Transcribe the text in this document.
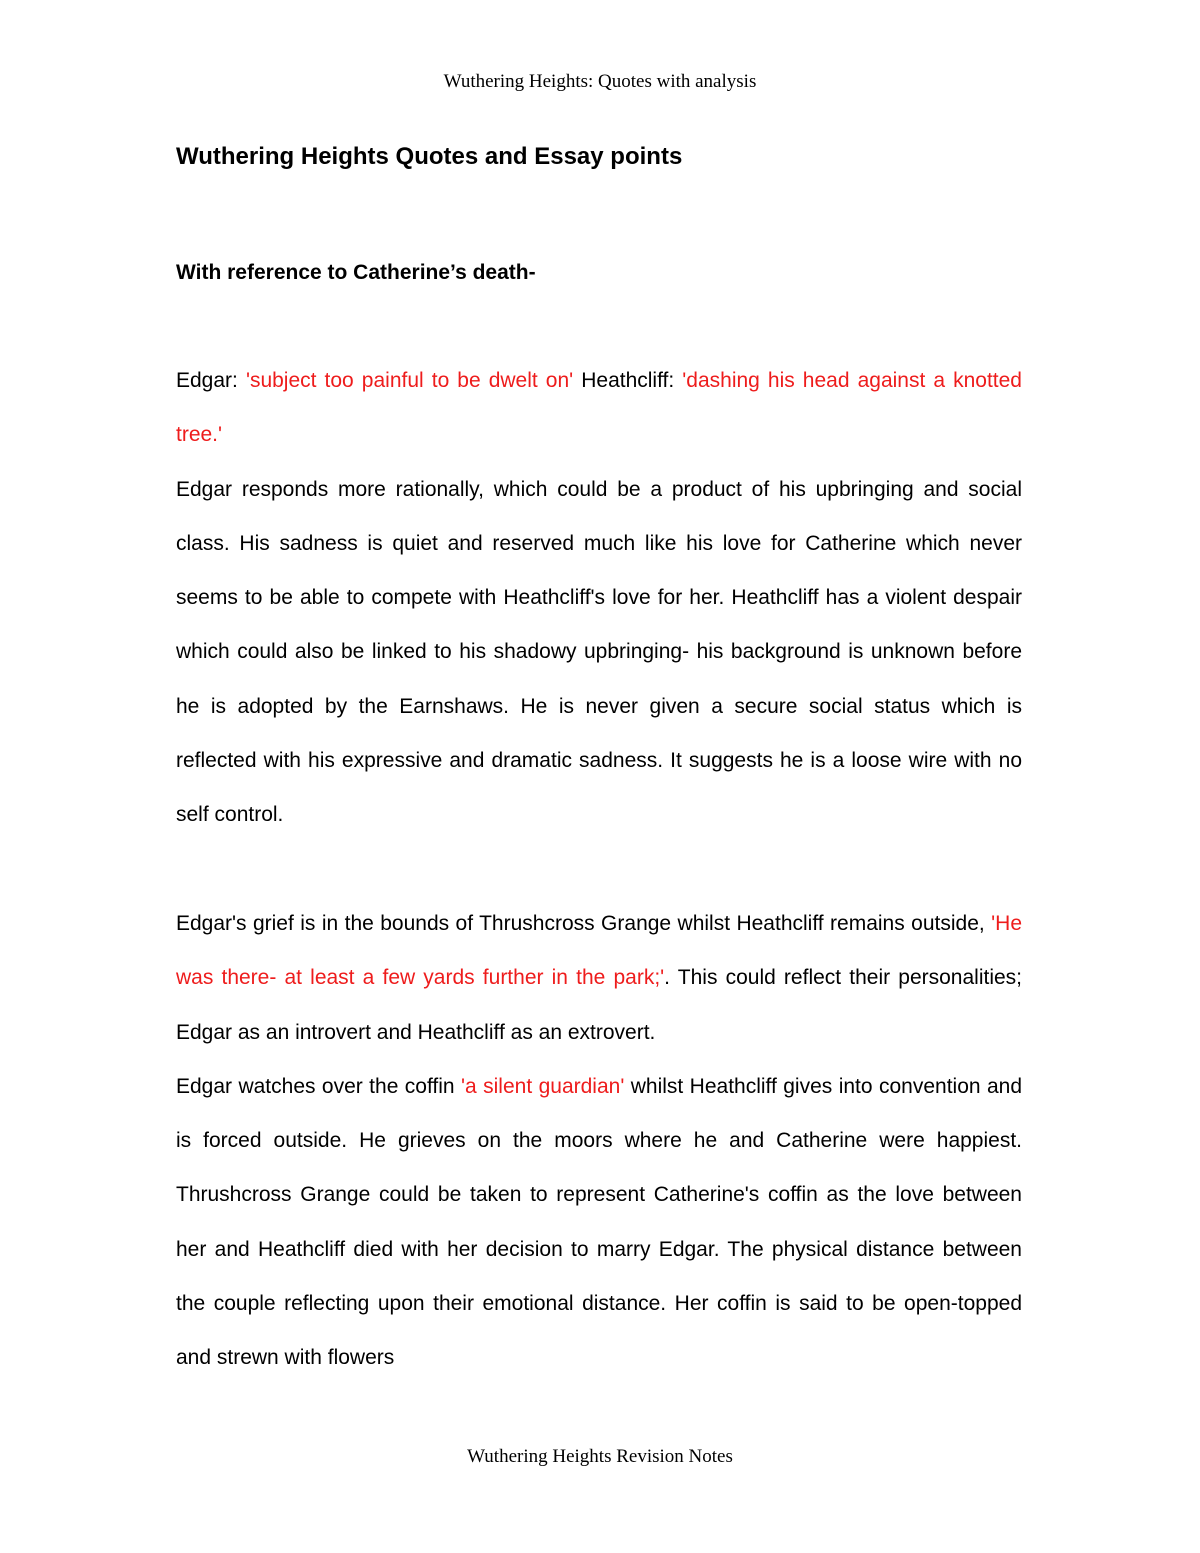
Wuthering Heights: Quotes with analysis
Wuthering Heights Quotes and Essay points
With reference to Catherine’s death-

Edgar: 'subject too painful to be dwelt on' Heathcliff: 'dashing his head against a knotted tree.'

Edgar responds more rationally, which could be a product of his upbringing and social class. His sadness is quiet and reserved much like his love for Catherine which never seems to be able to compete with Heathcliff's love for her. Heathcliff has a violent despair which could also be linked to his shadowy upbringing- his background is unknown before he is adopted by the Earnshaws. He is never given a secure social status which is reflected with his expressive and dramatic sadness. It suggests he is a loose wire with no self control.

Edgar's grief is in the bounds of Thrushcross Grange whilst Heathcliff remains outside, 'He was there- at least a few yards further in the park;'. This could reflect their personalities; Edgar as an introvert and Heathcliff as an extrovert.

Edgar watches over the coffin 'a silent guardian' whilst Heathcliff gives into convention and is forced outside. He grieves on the moors where he and Catherine were happiest. Thrushcross Grange could be taken to represent Catherine's coffin as the love between her and Heathcliff died with her decision to marry Edgar. The physical distance between the couple reflecting upon their emotional distance. Her coffin is said to be open-topped and strewn with flowers

Wuthering Heights Revision Notes
